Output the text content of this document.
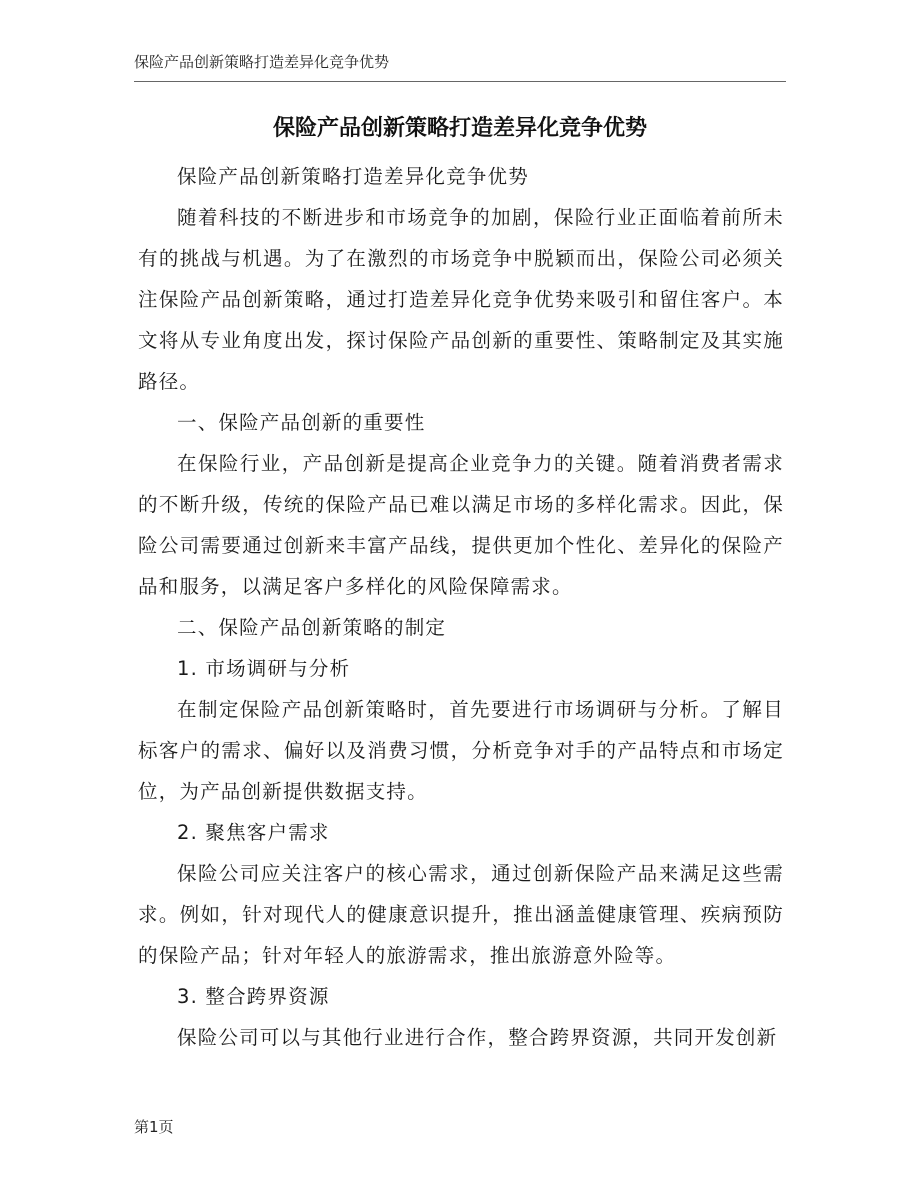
保险产品创新策略打造差异化竞争优势
保险产品创新策略打造差异化竞争优势

保险产品创新策略打造差异化竞争优势

随着科技的不断进步和市场竞争的加剧，保险行业正面临着前所未有的挑战与机遇。为了在激烈的市场竞争中脱颖而出，保险公司必须关注保险产品创新策略，通过打造差异化竞争优势来吸引和留住客户。本文将从专业角度出发，探讨保险产品创新的重要性、策略制定及其实施路径。

一、保险产品创新的重要性

在保险行业，产品创新是提高企业竞争力的关键。随着消费者需求的不断升级，传统的保险产品已难以满足市场的多样化需求。因此，保险公司需要通过创新来丰富产品线，提供更加个性化、差异化的保险产品和服务，以满足客户多样化的风险保障需求。

二、保险产品创新策略的制定

1. 市场调研与分析

在制定保险产品创新策略时，首先要进行市场调研与分析。了解目标客户的需求、偏好以及消费习惯，分析竞争对手的产品特点和市场定位，为产品创新提供数据支持。

2. 聚焦客户需求

保险公司应关注客户的核心需求，通过创新保险产品来满足这些需求。例如，针对现代人的健康意识提升，推出涵盖健康管理、疾病预防的保险产品；针对年轻人的旅游需求，推出旅游意外险等。

3. 整合跨界资源

保险公司可以与其他行业进行合作，整合跨界资源，共同开发创新

第1页
